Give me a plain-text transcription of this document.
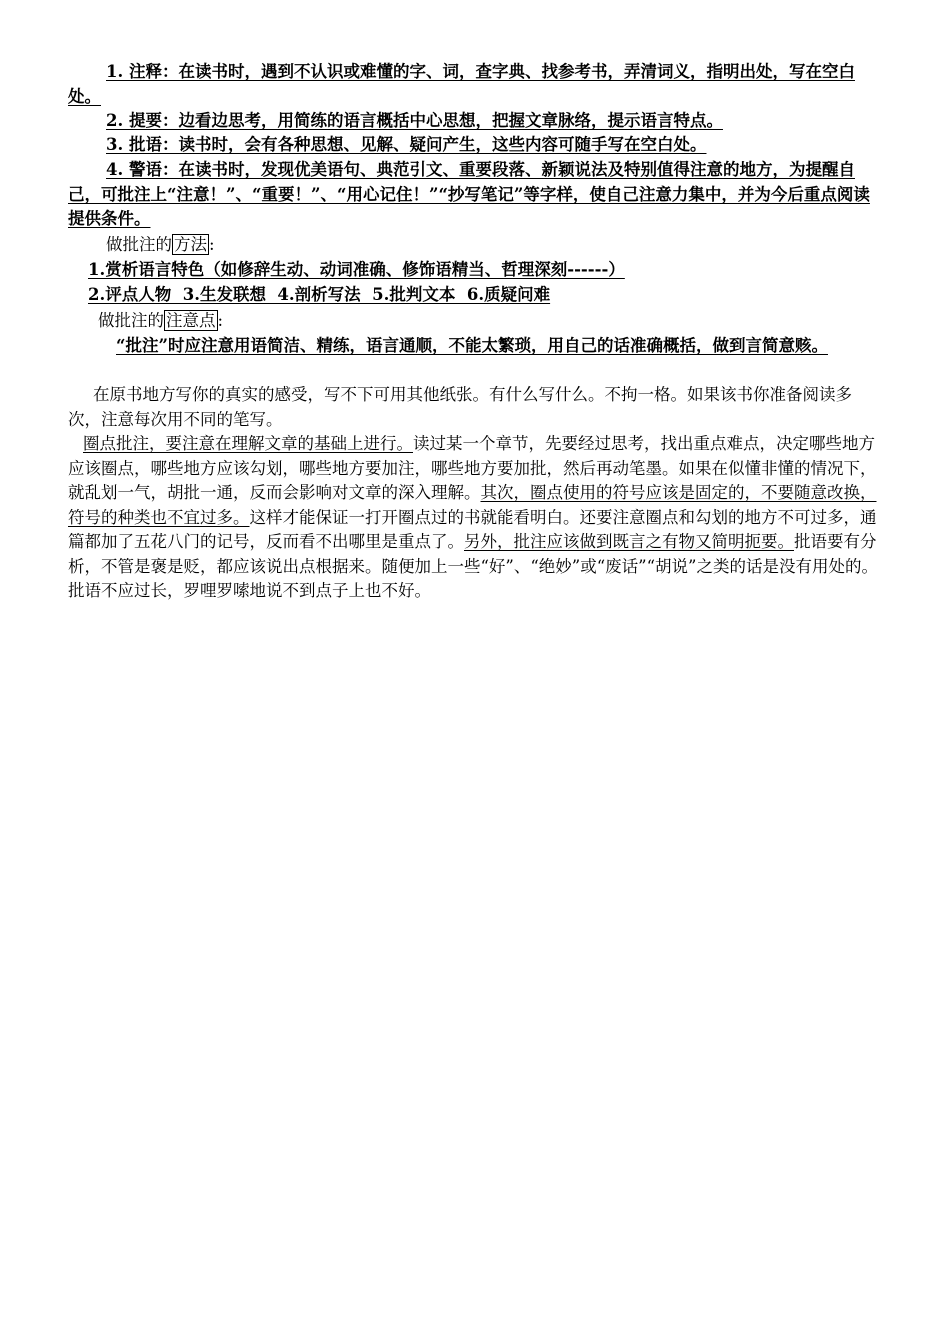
1. 注释：在读书时，遇到不认识或难懂的字、词，查字典、找参考书，弄清词义，指明出处，写在空白处。

2. 提要：边看边思考，用简练的语言概括中心思想，把握文章脉络，提示语言特点。

3. 批语：读书时，会有各种思想、见解、疑问产生，这些内容可随手写在空白处。

4. 警语：在读书时，发现优美语句、典范引文、重要段落、新颖说法及特别值得注意的地方，为提醒自己，可批注上“注意！”、“重要！”、“用心记住！”“抄写笔记”等字样，使自己注意力集中，并为今后重点阅读提供条件。

做批注的 方法 :

1.赏析语言特色（如修辞生动、动词准确、修饰语精当、哲理深刻------）

2.评点人物  3.生发联想  4.剖析写法  5.批判文本  6.质疑问难

做批注的 注意点 :

“批注”时应注意用语简洁、精练，语言通顺，不能太繁琐，用自己的话准确概括，做到言简意赅。

在原书地方写你的真实的感受，写不下可用其他纸张。有什么写什么。不拘一格。如果该书你准备阅读多次，注意每次用不同的笔写。

圈点批注，要注意在理解文章的基础上进行。读过某一个章节，先要经过思考，找出重点难点，决定哪些地方应该圈点，哪些地方应该勾划，哪些地方要加注，哪些地方要加批，然后再动笔墨。如果在似懂非懂的情况下，就乱划一气，胡批一通，反而会影响对文章的深入理解。其次，圈点使用的符号应该是固定的，不要随意改换，符号的种类也不宜过多。这样才能保证一打开圈点过的书就能看明白。还要注意圈点和勾划的地方不可过多，通篇都加了五花八门的记号，反而看不出哪里是重点了。另外，批注应该做到既言之有物又简明扼要。批语要有分析，不管是褒是贬，都应该说出点根据来。随便加上一些“好”、“绝妙”或“废话”“胡说”之类的话是没有用处的。批语不应过长，罗哩罗嗦地说不到点子上也不好。
